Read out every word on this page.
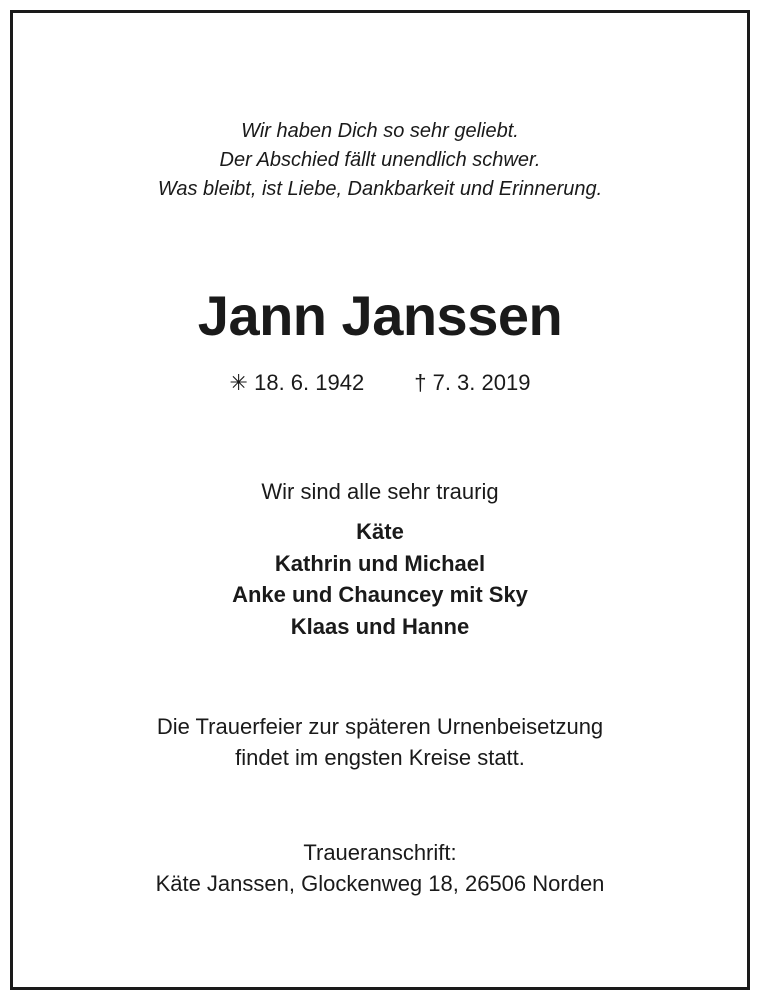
Wir haben Dich so sehr geliebt.
Der Abschied fällt unendlich schwer.
Was bleibt, ist Liebe, Dankbarkeit und Erinnerung.
Jann Janssen
✳ 18. 6. 1942 † 7. 3. 2019
Wir sind alle sehr traurig
Käte
Kathrin und Michael
Anke und Chauncey mit Sky
Klaas und Hanne
Die Trauerfeier zur späteren Urnenbeisetzung
findet im engsten Kreise statt.
Traueranschrift:
Käte Janssen, Glockenweg 18, 26506 Norden
